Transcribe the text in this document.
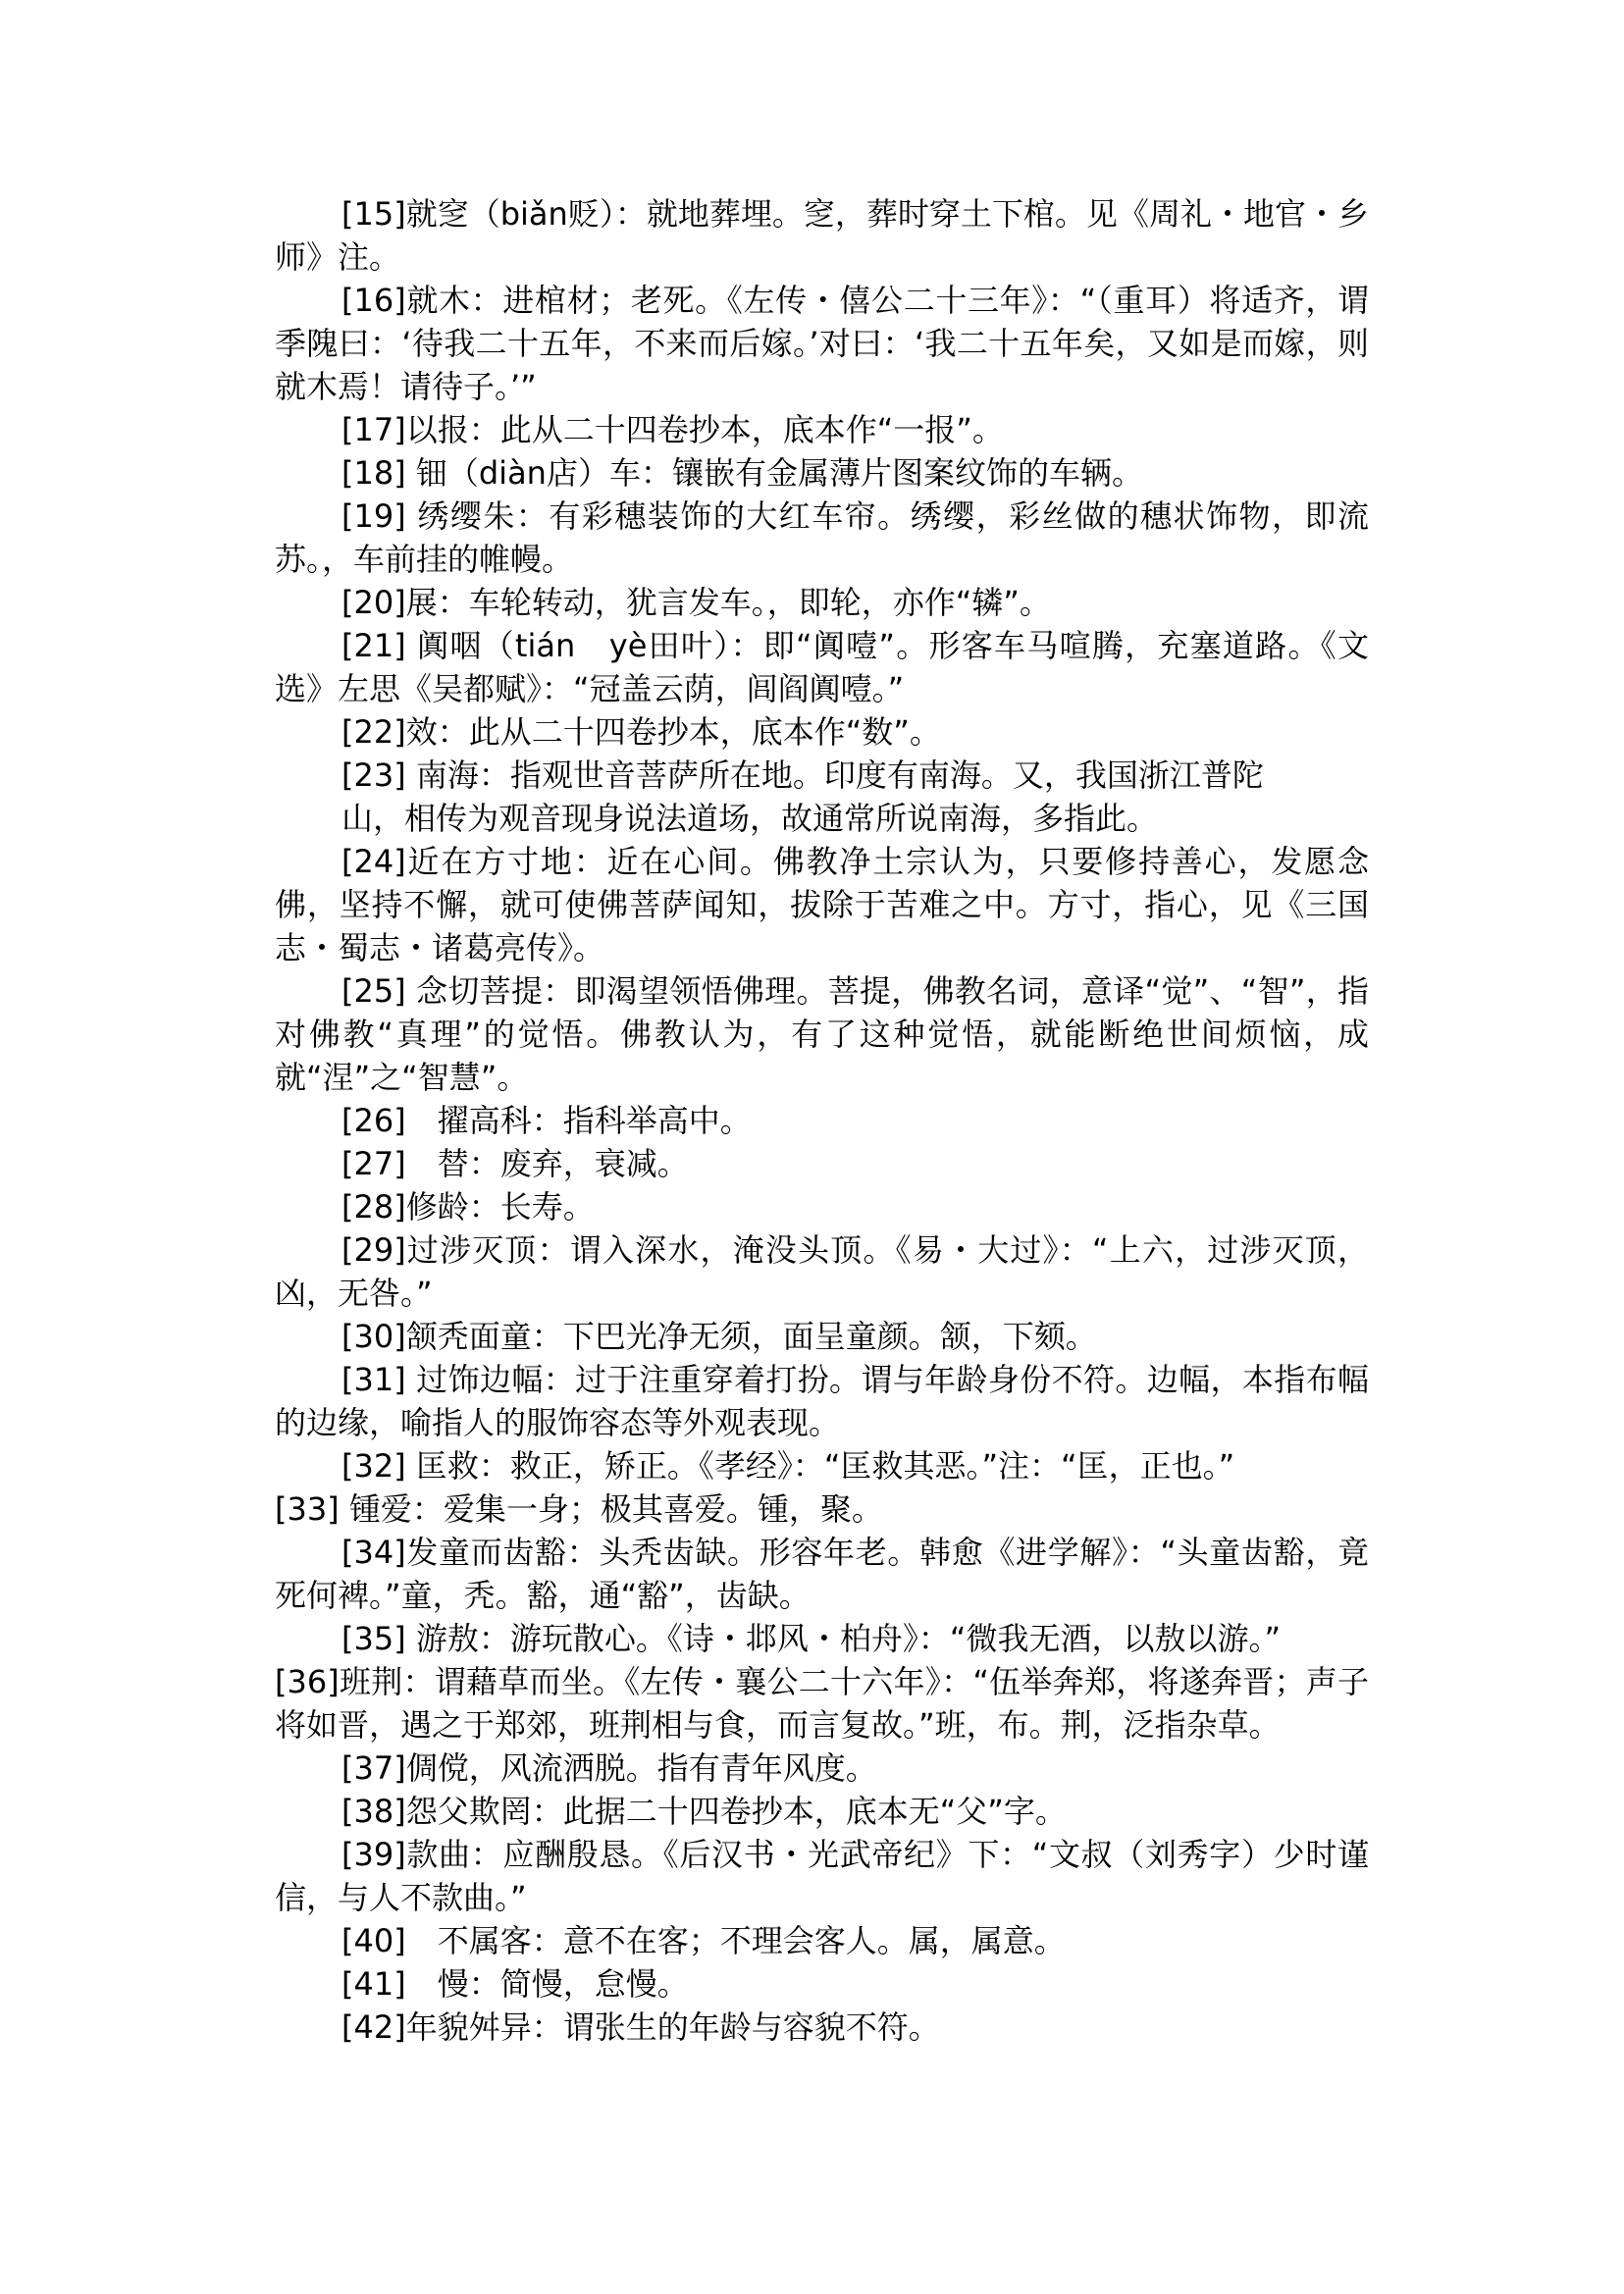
[15]就窆（biǎn贬）：就地葬埋。窆，葬时穿土下棺。见《周礼・地官・乡师》注。

[16]就木：进棺材；老死。《左传・僖公二十三年》：“（重耳）将适齐，谓季隗曰：‘待我二十五年，不来而后嫁。’对曰：‘我二十五年矣，又如是而嫁，则就木焉！请待子。’”

[17]以报：此从二十四卷抄本，底本作“一报”。

[18] 钿（diàn店）车：镶嵌有金属薄片图案纹饰的车辆。

[19] 绣缨朱：有彩穗装饰的大红车帘。绣缨，彩丝做的穗状饰物，即流苏。，车前挂的帷幔。

[20]展：车轮转动，犹言发车。，即轮，亦作“辚”。

[21] 阗咽（tián　yè田叶）：即“阗噎”。形客车马喧腾，充塞道路。《文选》左思《吴都赋》：“冠盖云荫，闾阎阗噎。”

[22]效：此从二十四卷抄本，底本作“数”。

[23] 南海：指观世音菩萨所在地。印度有南海。又，我国浙江普陀

山，相传为观音现身说法道场，故通常所说南海，多指此。

[24]近在方寸地：近在心间。佛教净土宗认为，只要修持善心，发愿念佛，坚持不懈，就可使佛菩萨闻知，拔除于苦难之中。方寸，指心，见《三国志・蜀志・诸葛亮传》。

[25] 念切菩提：即渴望领悟佛理。菩提，佛教名词，意译“觉”、“智”，指对佛教“真理”的觉悟。佛教认为，有了这种觉悟，就能断绝世间烦恼，成就“涅”之“智慧”。

[26]　擢高科：指科举高中。

[27]　替：废弃，衰减。

[28]修龄：长寿。

[29]过涉灭顶：谓入深水，淹没头顶。《易・大过》：“上六，过涉灭顶，凶，无咎。”

[30]颔秃面童：下巴光净无须，面呈童颜。颔，下颏。

[31] 过饰边幅：过于注重穿着打扮。谓与年龄身份不符。边幅，本指布幅的边缘，喻指人的服饰容态等外观表现。

[32] 匡救：救正，矫正。《孝经》：“匡救其恶。”注：“匡，正也。”

[33] 锺爱：爱集一身；极其喜爱。锺，聚。

[34]发童而齿豁：头秃齿缺。形容年老。韩愈《进学解》：“头童齿豁，竟死何裨。”童，秃。豁，通“豁”，齿缺。

[35] 游敖：游玩散心。《诗・邶风・柏舟》：“微我无酒，以敖以游。”

[36]班荆：谓藉草而坐。《左传・襄公二十六年》：“伍举奔郑，将遂奔晋；声子将如晋，遇之于郑郊，班荆相与食，而言复故。”班，布。荆，泛指杂草。

[37]倜傥，风流洒脱。指有青年风度。

[38]怨父欺罔：此据二十四卷抄本，底本无“父”字。

[39]款曲：应酬殷恳。《后汉书・光武帝纪》下：“文叔（刘秀字）少时谨信，与人不款曲。”

[40]　不属客：意不在客；不理会客人。属，属意。

[41]　慢：简慢，怠慢。

[42]年貌舛异：谓张生的年龄与容貌不符。
